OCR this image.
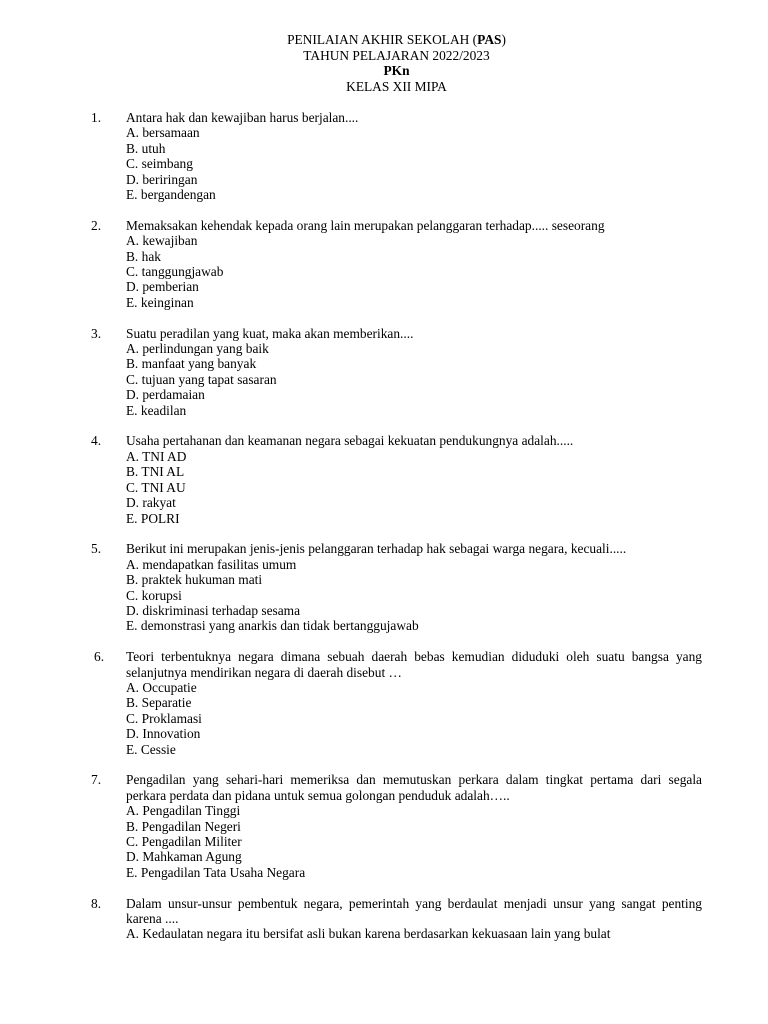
PENILAIAN AKHIR SEKOLAH (PAS)
TAHUN PELAJARAN 2022/2023
PKn
KELAS XII MIPA
1. Antara hak dan kewajiban harus berjalan....
A. bersamaan
B. utuh
C. seimbang
D. beriringan
E. bergandengan
2. Memaksakan kehendak kepada orang lain merupakan pelanggaran terhadap..... seseorang
A. kewajiban
B. hak
C. tanggungjawab
D. pemberian
E. keinginan
3. Suatu peradilan yang kuat, maka akan memberikan....
A. perlindungan yang baik
B. manfaat yang banyak
C. tujuan yang tapat sasaran
D. perdamaian
E. keadilan
4. Usaha pertahanan dan keamanan negara sebagai kekuatan pendukungnya adalah.....
A. TNI AD
B. TNI AL
C. TNI AU
D. rakyat
E. POLRI
5. Berikut ini merupakan jenis-jenis pelanggaran terhadap hak sebagai warga negara, kecuali.....
A. mendapatkan fasilitas umum
B. praktek hukuman mati
C. korupsi
D. diskriminasi terhadap sesama
E. demonstrasi yang anarkis dan tidak bertanggujawab
6. Teori terbentuknya negara dimana sebuah daerah bebas kemudian diduduki oleh suatu bangsa yang selanjutnya mendirikan negara di daerah disebut …
A. Occupatie
B. Separatie
C. Proklamasi
D. Innovation
E. Cessie
7. Pengadilan yang sehari-hari memeriksa dan memutuskan perkara dalam tingkat pertama dari segala perkara perdata dan pidana untuk semua golongan penduduk adalah…..
A. Pengadilan Tinggi
B. Pengadilan Negeri
C. Pengadilan Militer
D. Mahkaman Agung
E. Pengadilan Tata Usaha Negara
8. Dalam unsur-unsur pembentuk negara, pemerintah yang berdaulat menjadi unsur yang sangat penting karena ....
A. Kedaulatan negara itu bersifat asli bukan karena berdasarkan kekuasaan lain yang bulat
